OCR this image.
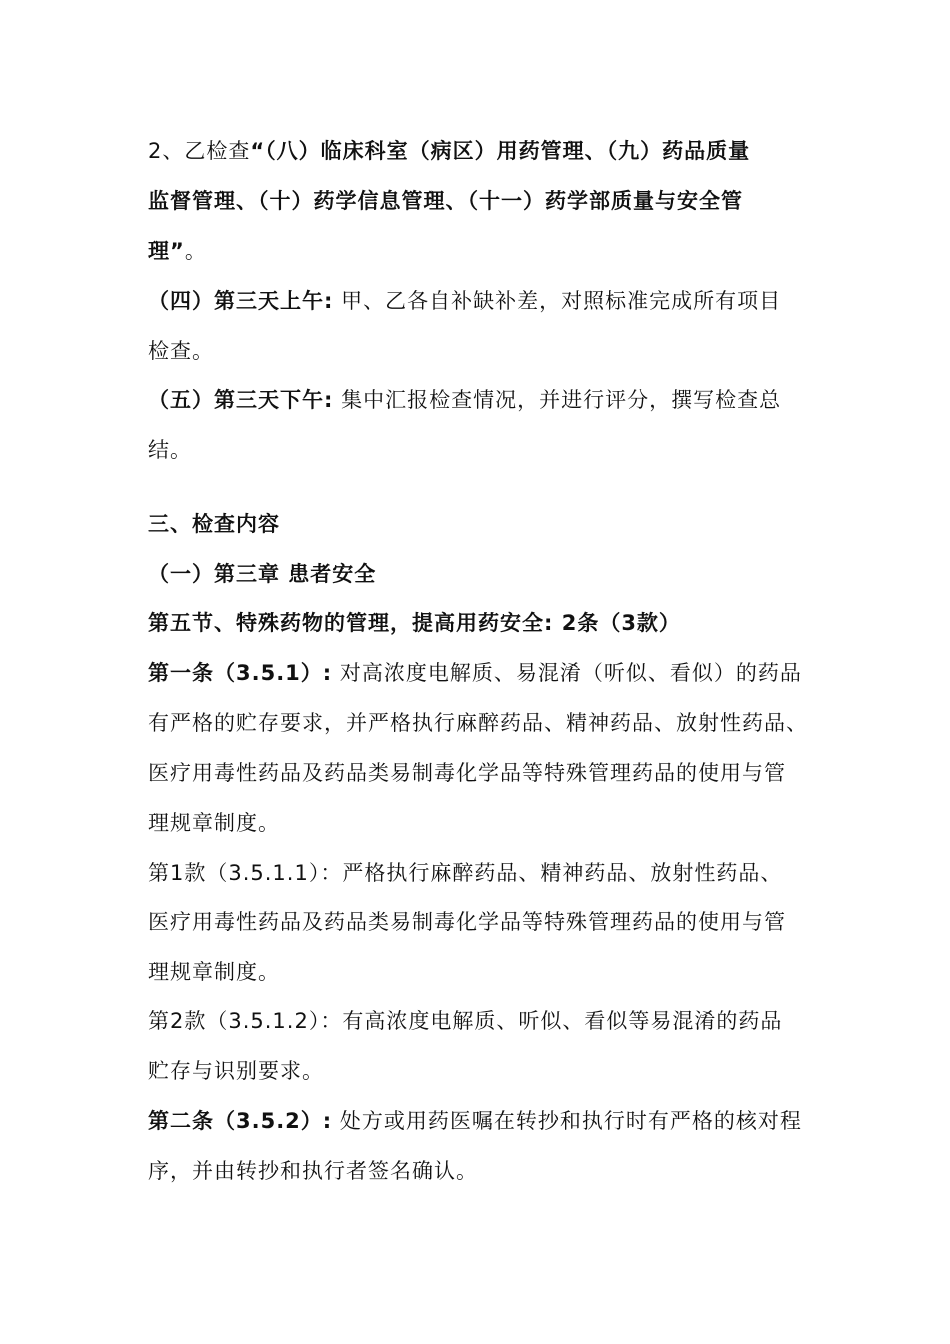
2、乙检查“（八）临床科室（病区）用药管理、（九）药品质量
监督管理、（十）药学信息管理、（十一）药学部质量与安全管
理”。
（四）第三天上午: 甲、乙各自补缺补差，对照标准完成所有项目
检查。
（五）第三天下午: 集中汇报检查情况，并进行评分，撰写检查总
结。
三、检查内容
（一）第三章 患者安全
第五节、特殊药物的管理，提高用药安全: 2条（3款）
第一条（3.5.1）: 对高浓度电解质、易混淆（听似、看似）的药品
有严格的贮存要求，并严格执行麻醉药品、精神药品、放射性药品、
医疗用毒性药品及药品类易制毒化学品等特殊管理药品的使用与管
理规章制度。
第1款（3.5.1.1）：严格执行麻醉药品、精神药品、放射性药品、
医疗用毒性药品及药品类易制毒化学品等特殊管理药品的使用与管
理规章制度。
第2款（3.5.1.2）：有高浓度电解质、听似、看似等易混淆的药品
贮存与识别要求。
第二条（3.5.2）: 处方或用药医嘱在转抄和执行时有严格的核对程
序，并由转抄和执行者签名确认。
